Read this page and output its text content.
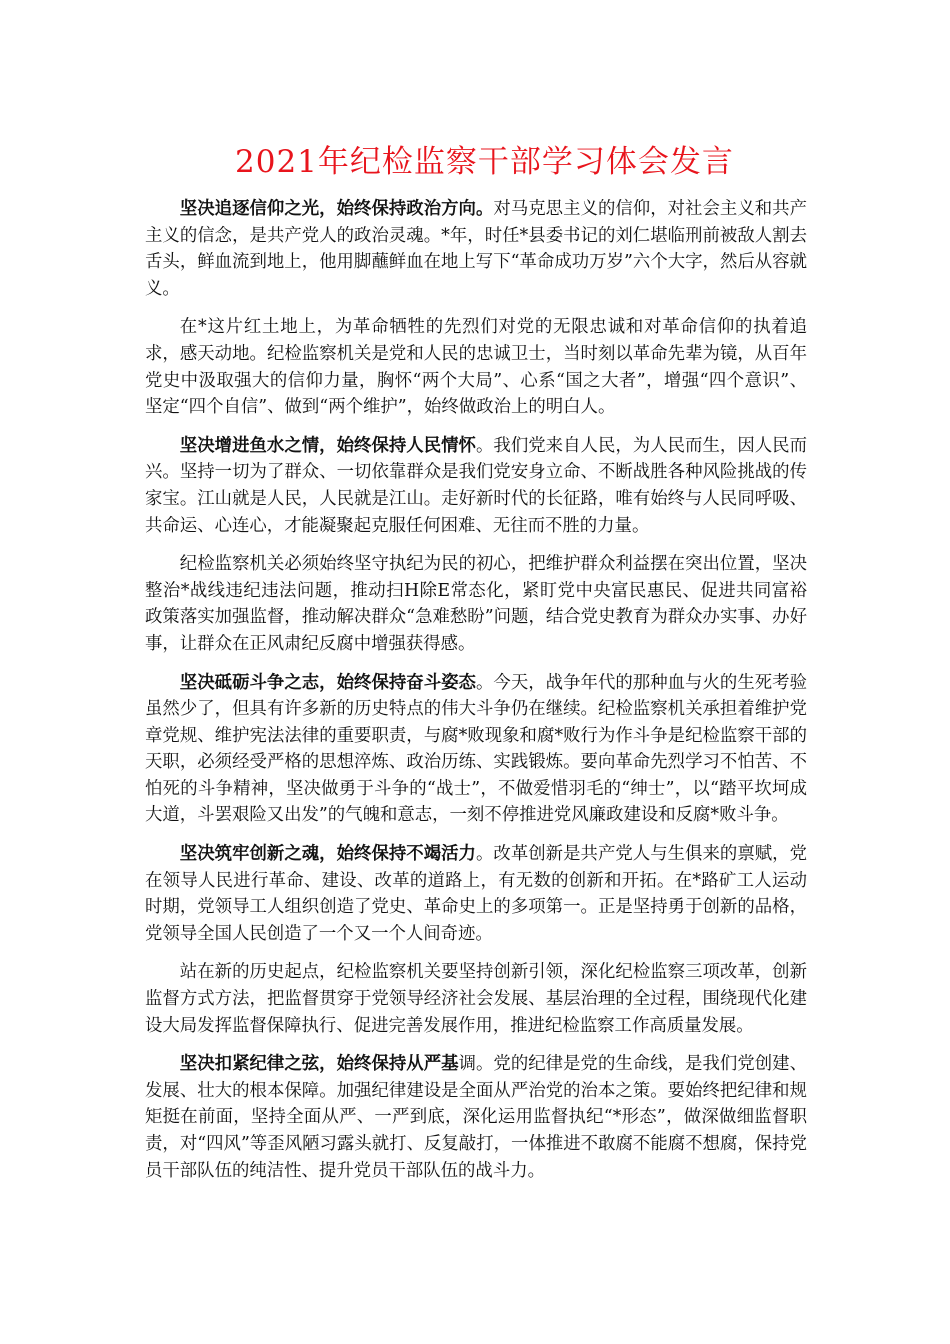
2021年纪检监察干部学习体会发言

坚决追逐信仰之光，始终保持政治方向。对马克思主义的信仰，对社会主义和共产主义的信念，是共产党人的政治灵魂。*年，时任*县委书记的刘仁堪临刑前被敌人割去舌头，鲜血流到地上，他用脚蘸鲜血在地上写下“革命成功万岁”六个大字，然后从容就义。

在*这片红土地上，为革命牺牲的先烈们对党的无限忠诚和对革命信仰的执着追求，感天动地。纪检监察机关是党和人民的忠诚卫士，当时刻以革命先辈为镜，从百年党史中汲取强大的信仰力量，胸怀“两个大局”、心系“国之大者”，增强“四个意识”、坚定“四个自信”、做到“两个维护”，始终做政治上的明白人。

坚决增进鱼水之情，始终保持人民情怀。我们党来自人民，为人民而生，因人民而兴。坚持一切为了群众、一切依靠群众是我们党安身立命、不断战胜各种风险挑战的传家宝。江山就是人民，人民就是江山。走好新时代的长征路，唯有始终与人民同呼吸、共命运、心连心，才能凝聚起克服任何困难、无往而不胜的力量。

纪检监察机关必须始终坚守执纪为民的初心，把维护群众利益摆在突出位置，坚决整治*战线违纪违法问题，推动扫H除E常态化，紧盯党中央富民惠民、促进共同富裕政策落实加强监督，推动解决群众“急难愁盼”问题，结合党史教育为群众办实事、办好事，让群众在正风肃纪反腐中增强获得感。

坚决砥砺斗争之志，始终保持奋斗姿态。今天，战争年代的那种血与火的生死考验虽然少了，但具有许多新的历史特点的伟大斗争仍在继续。纪检监察机关承担着维护党章党规、维护宪法法律的重要职责，与腐*败现象和腐*败行为作斗争是纪检监察干部的天职，必须经受严格的思想淬炼、政治历练、实践锻炼。要向革命先烈学习不怕苦、不怕死的斗争精神，坚决做勇于斗争的“战士”，不做爱惜羽毛的“绅士”，以“踏平坎坷成大道，斗罢艰险又出发”的气魄和意志，一刻不停推进党风廉政建设和反腐*败斗争。

坚决筑牢创新之魂，始终保持不竭活力。改革创新是共产党人与生俱来的禀赋，党在领导人民进行革命、建设、改革的道路上，有无数的创新和开拓。在*路矿工人运动时期，党领导工人组织创造了党史、革命史上的多项第一。正是坚持勇于创新的品格，党领导全国人民创造了一个又一个人间奇迹。

站在新的历史起点，纪检监察机关要坚持创新引领，深化纪检监察三项改革，创新监督方式方法，把监督贯穿于党领导经济社会发展、基层治理的全过程，围绕现代化建设大局发挥监督保障执行、促进完善发展作用，推进纪检监察工作高质量发展。

坚决扣紧纪律之弦，始终保持从严基调。党的纪律是党的生命线，是我们党创建、发展、壮大的根本保障。加强纪律建设是全面从严治党的治本之策。要始终把纪律和规矩挺在前面，坚持全面从严、一严到底，深化运用监督执纪“*形态”，做深做细监督职责，对“四风”等歪风陋习露头就打、反复敲打，一体推进不敢腐不能腐不想腐，保持党员干部队伍的纯洁性、提升党员干部队伍的战斗力。
